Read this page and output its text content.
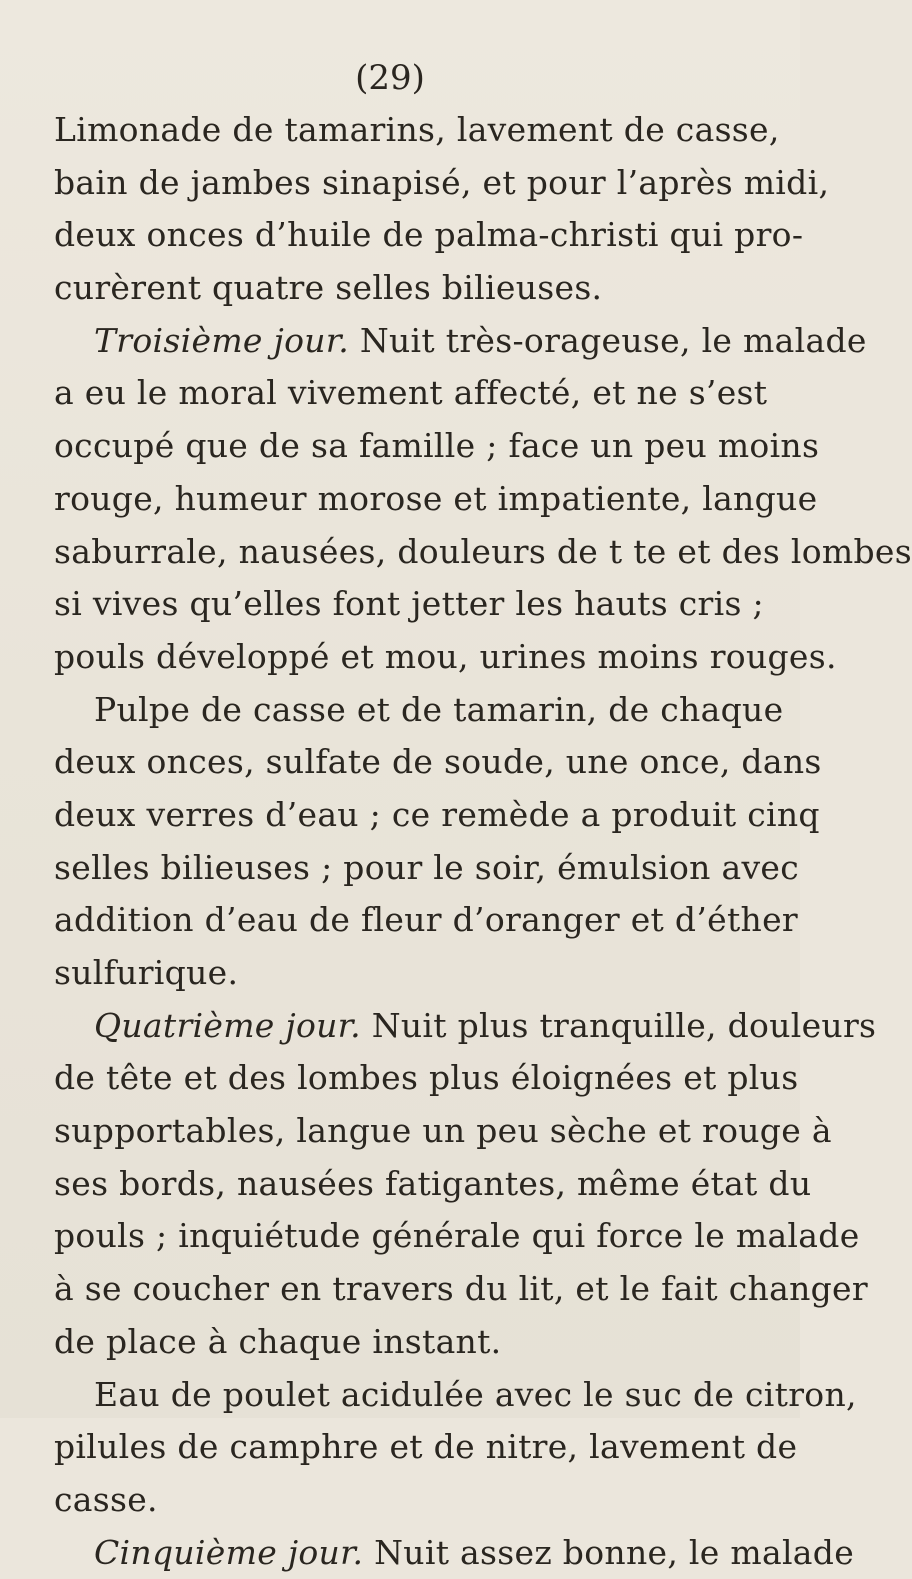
(29)
Limonade de tamarins, lavement de casse,
bain de jambes sinapisé, et pour l’après midi,
deux onces d’huile de palma-christi qui pro-
curèrent quatre selles bilieuses.
Troisième jour. Nuit très-orageuse, le malade
a eu le moral vivement affecté, et ne s’est
occupé que de sa famille ; face un peu moins
rouge, humeur morose et impatiente, langue
saburrale, nausées, douleurs de t te et des lombes
si vives qu’elles font jetter les hauts cris ;
pouls développé et mou, urines moins rouges.
Pulpe de casse et de tamarin, de chaque
deux onces, sulfate de soude, une once, dans
deux verres d’eau ; ce remède a produit cinq
selles bilieuses ; pour le soir, émulsion avec
addition d’eau de fleur d’oranger et d’éther
sulfurique.
Quatrième jour. Nuit plus tranquille, douleurs
de tête et des lombes plus éloignées et plus
supportables, langue un peu sèche et rouge à
ses bords, nausées fatigantes, même état du
pouls ; inquiétude générale qui force le malade
à se coucher en travers du lit, et le fait changer
de place à chaque instant.
Eau de poulet acidulée avec le suc de citron,
pilules de camphre et de nitre, lavement de
casse.
Cinquième jour. Nuit assez bonne, le malade
